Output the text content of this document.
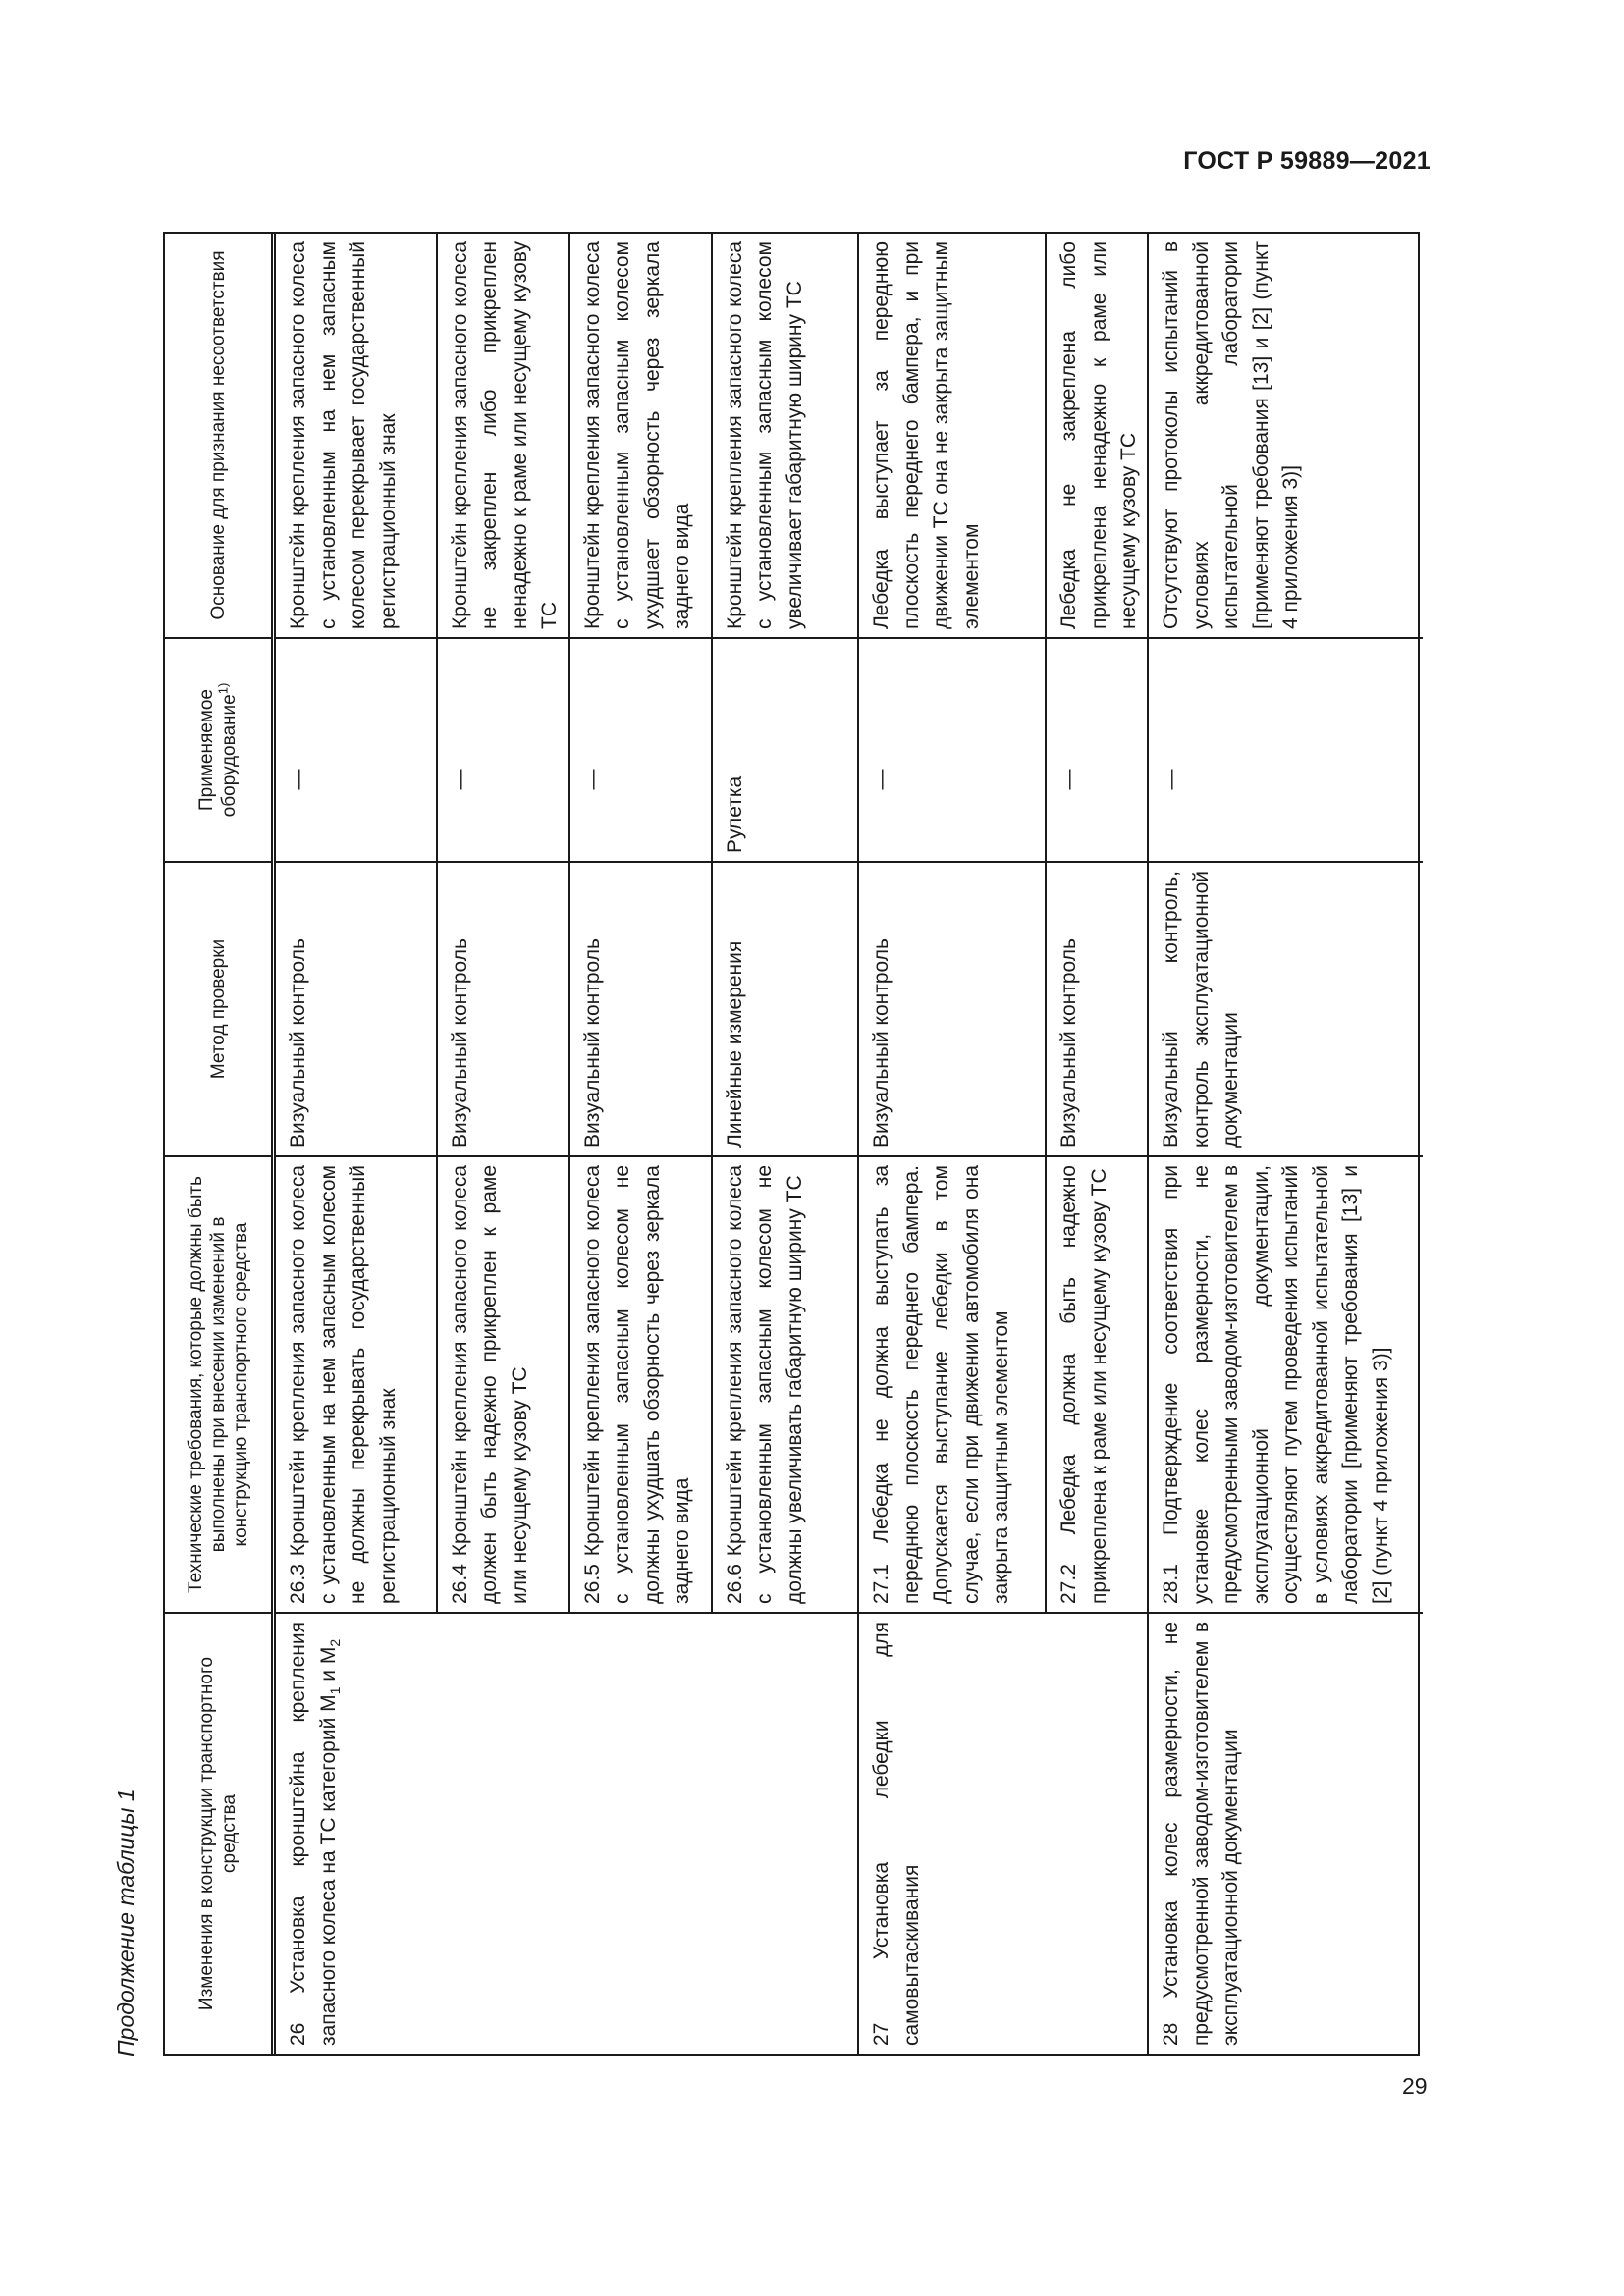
ГОСТ Р 59889—2021
Продолжение таблицы 1	Изменения в конструкции транспортного средства
Технические требования, которые должны быть выполнены при внесении изменений в конструкцию транспортного средства
Метод проверки
Применяемое оборудование$^{1)}$
Основание для признания несоответствия
26 Установка кронштейна крепления запасного колеса на ТС категорий $M_1$ и $M_2$
26.3 Кронштейн крепления запасного колеса с установленным на нем запасным колесом не должны перекрывать государственный регистрационный знак
Визуальный контроль
—
Кронштейн крепления запасного колеса с установленным на нем запасным колесом перекрывает государственный регистрационный знак
26.4 Кронштейн крепления запасного колеса должен быть надежно прикреплен к раме или несущему кузову ТС
Визуальный контроль
—
Кронштейн крепления запасного колеса не закреплен либо прикреплен ненадежно к раме или несущему кузову ТС
26.5 Кронштейн крепления запасного колеса с установленным запасным колесом не должны ухудшать обзорность через зеркала заднего вида
Визуальный контроль
—
Кронштейн крепления запасного колеса с установленным запасным колесом ухудшает обзорность через зеркала заднего вида
26.6 Кронштейн крепления запасного колеса с установленным запасным колесом не должны увеличивать габаритную ширину ТС
Линейные измерения
Рулетка
Кронштейн крепления запасного колеса с установленным запасным колесом увеличивает габаритную ширину ТС
27 Установка лебедки для самовытаскивания
27.1 Лебедка не должна выступать за переднюю плоскость переднего бампера. Допускается выступание лебедки в том случае, если при движении автомобиля она закрыта защитным элементом
Визуальный контроль
—
Лебедка выступает за переднюю плоскость переднего бампера, и при движении ТС она не закрыта защитным элементом
27.2 Лебедка должна быть надежно прикреплена к раме или несущему кузову ТС
Визуальный контроль
—
Лебедка не закреплена либо прикреплена ненадежно к раме или несущему кузову ТС
28 Установка колес размерности, не предусмотренной заводом-изготовителем в эксплуатационной документации
28.1 Подтверждение соответствия при установке колес размерности, не предусмотренными заводом-изготовителем в эксплуатационной документации, осуществляют путем проведения испытаний в условиях аккредитованной испытательной лаборатории [применяют требования [13] и [2] (пункт 4 приложения 3)]
Визуальный контроль, контроль эксплуатационной документации
—
Отсутствуют протоколы испытаний в условиях аккредитованной испытательной лаборатории [применяют требования [13] и [2] (пункт 4 приложения 3)]
29
